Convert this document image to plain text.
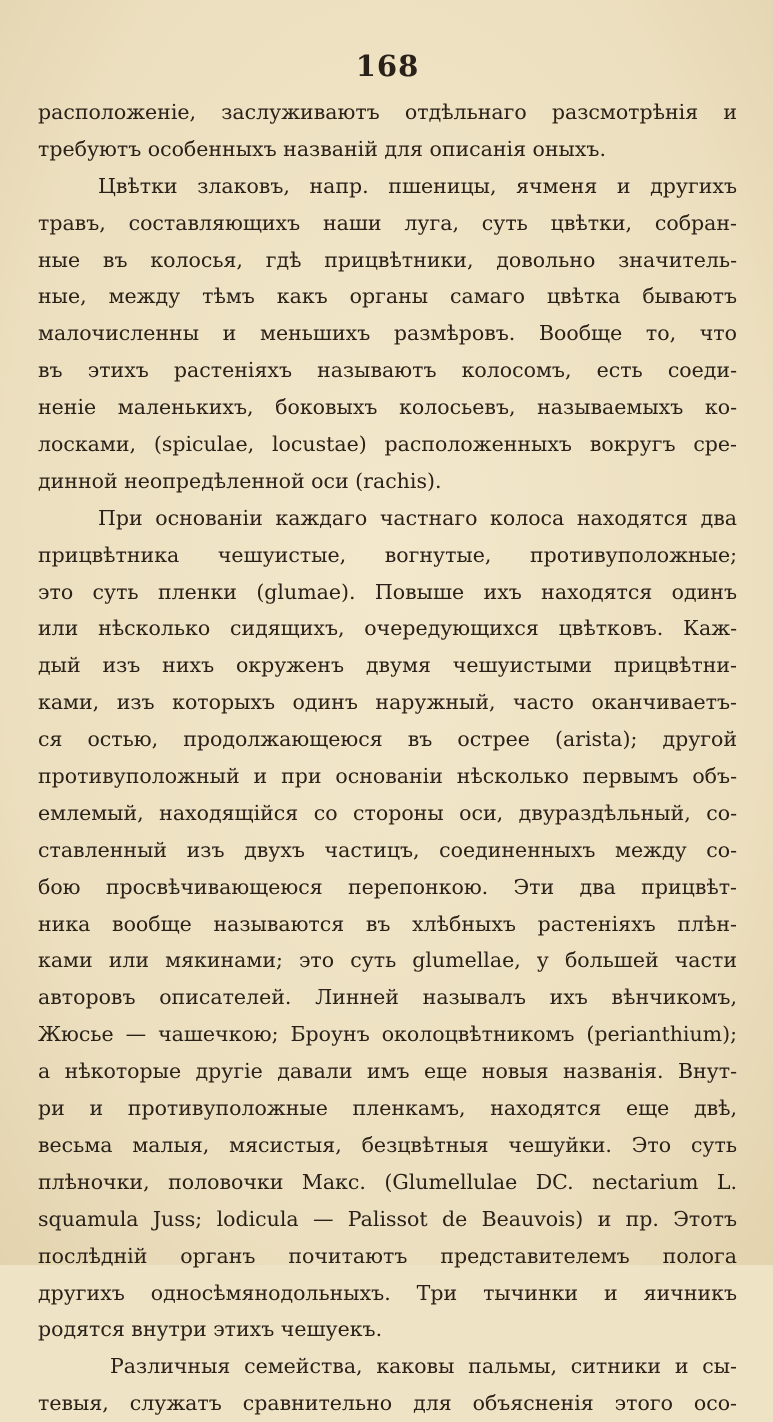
168
расположеніе, заслуживаютъ отдѣльнаго разсмотрѣнія и
требуютъ особенныхъ названій для описанія оныхъ.
Цвѣтки злаковъ, напр. пшеницы, ячменя и другихъ
травъ, составляющихъ наши луга, суть цвѣтки, собран-
ные въ колосья, гдѣ прицвѣтники, довольно значитель-
ные, между тѣмъ какъ органы самаго цвѣтка бываютъ
малочисленны и меньшихъ размѣровъ. Вообще то, что
въ этихъ растеніяхъ называютъ колосомъ, есть соеди-
неніе маленькихъ, боковыхъ колосьевъ, называемыхъ ко-
лосками, (spiculae, locustae) расположенныхъ вокругъ сре-
динной неопредѣленной оси (rachis).
При основаніи каждаго частнаго колоса находятся два
прицвѣтника чешуистые, вогнутые, противуположные;
это суть пленки (glumae). Повыше ихъ находятся одинъ
или нѣсколько сидящихъ, очередующихся цвѣтковъ. Каж-
дый изъ нихъ окруженъ двумя чешуистыми прицвѣтни-
ками, изъ которыхъ одинъ наружный, часто оканчиваетъ-
ся остью, продолжающеюся въ острее (arista); другой
противуположный и при основаніи нѣсколько первымъ объ-
емлемый, находящійся со стороны оси, двураздѣльный, со-
ставленный изъ двухъ частицъ, соединенныхъ между со-
бою просвѣчивающеюся перепонкою. Эти два прицвѣт-
ника вообще называются въ хлѣбныхъ растеніяхъ плѣн-
ками или мякинами; это суть glumellae, у большей части
авторовъ описателей. Линней называлъ ихъ вѣнчикомъ,
Жюсье — чашечкою; Броунъ околоцвѣтникомъ (perianthium);
а нѣкоторые другіе давали имъ еще новыя названія. Внут-
ри и противуположные пленкамъ, находятся еще двѣ,
весьма малыя, мясистыя, безцвѣтныя чешуйки. Это суть
плѣночки, половочки Макс. (Glumellulae DC. nectarium L.
squamula Juss; lodicula — Palissot de Beauvois) и пр. Этотъ
послѣдній органъ почитаютъ представителемъ полога
другихъ односѣмянодольныхъ. Три тычинки и яичникъ
родятся внутри этихъ чешуекъ.
Различныя семейства, каковы пальмы, ситники и сы-
тевыя, служатъ сравнительно для объясненія этого осо-
